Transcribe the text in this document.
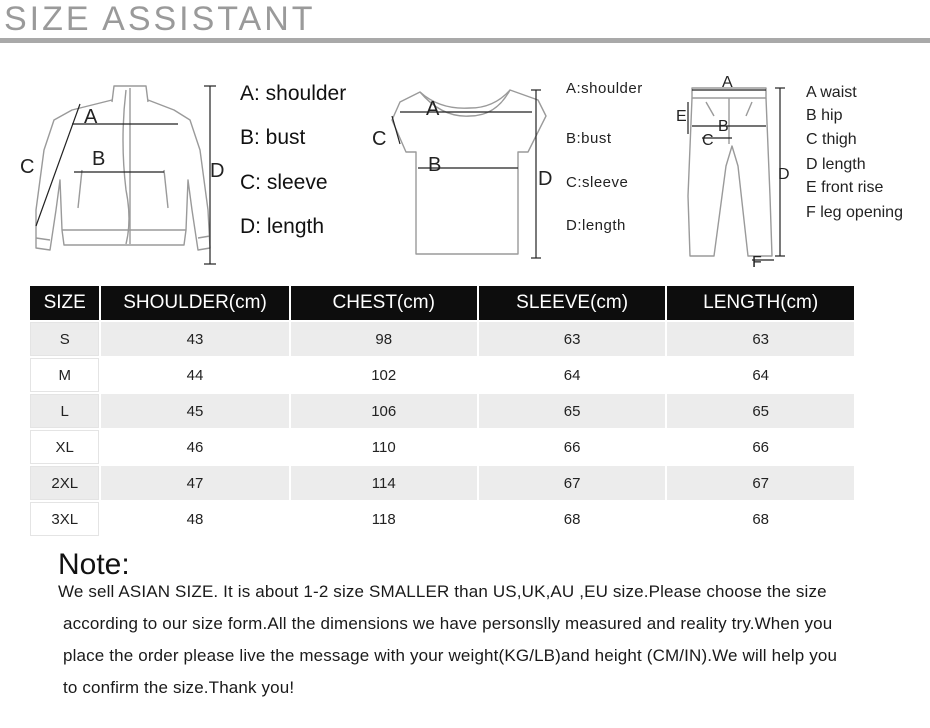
SIZE ASSISTANT
A
B
C	D
A: shoulder
B: bust
C: sleeve
D: length
A
B
C
D
A:shoulder
B:bust
C:sleeve
D:length
A
B
C
D
E
F
A waist
B hip
C thigh
D length
E front rise
F leg opening
SIZE	SHOULDER(cm)	CHEST(cm)	SLEEVE(cm)	LENGTH(cm)
S	43	98	63	63
M	44	102	64	64
L	45	106	65	65
XL	46	110	66	66
2XL	47	114	67	67
3XL	48	118	68	68
Note:
We sell ASIAN SIZE. It is about 1-2 size SMALLER than US,UK,AU ,EU size.Please choose the size
according to our size form.All the dimensions we have personslly measured and reality try.When you
place the order please live the message with your weight(KG/LB)and height (CM/IN).We will help you
to confirm the size.Thank you!
